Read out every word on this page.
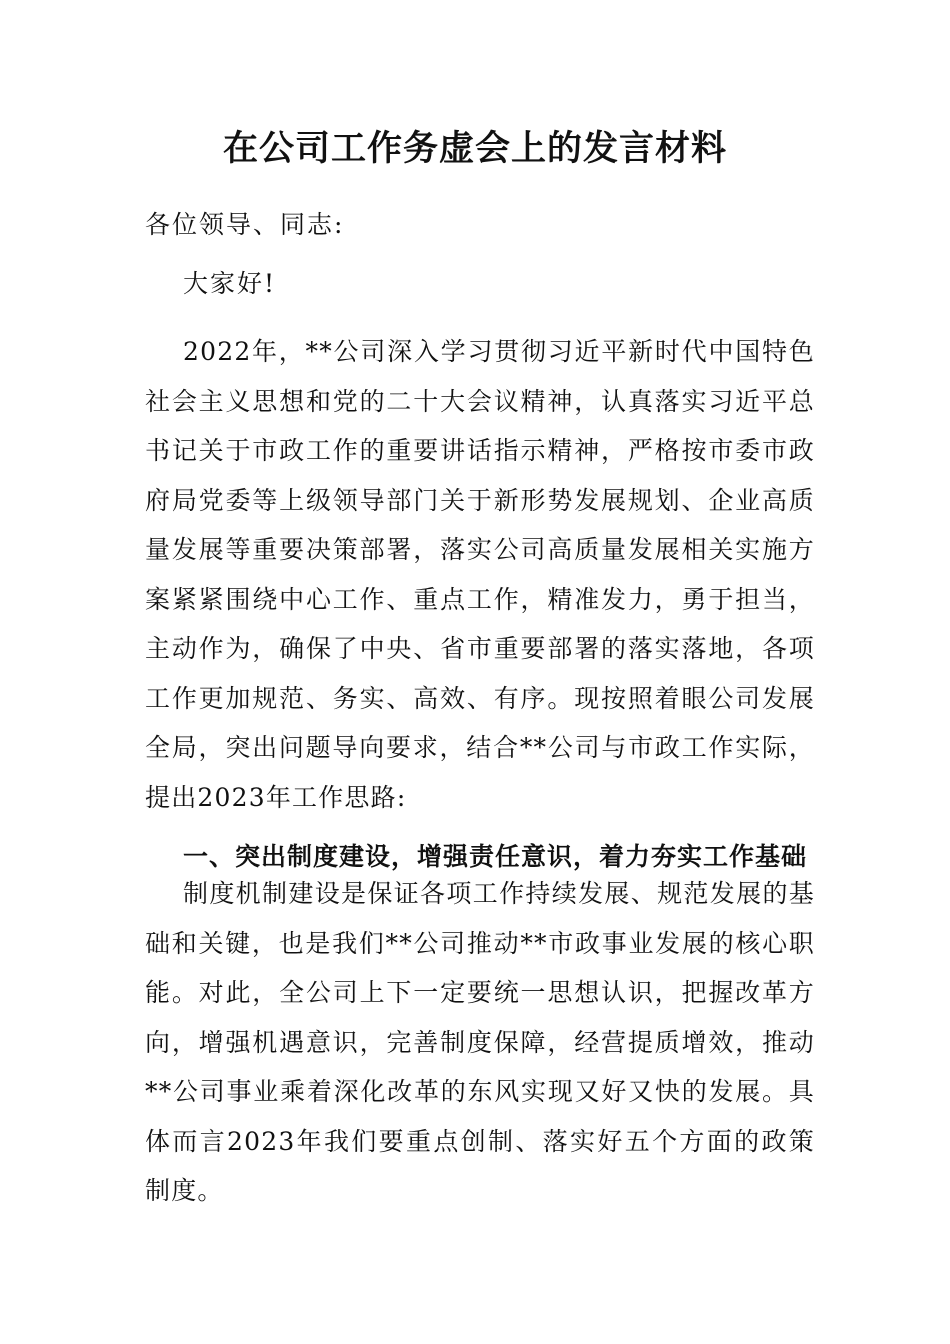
在公司工作务虚会上的发言材料
各位领导、同志:
大家好!

2022年，**公司深入学习贯彻习近平新时代中国特色社会主义思想和党的二十大会议精神，认真落实习近平总书记关于市政工作的重要讲话指示精神，严格按市委市政府局党委等上级领导部门关于新形势发展规划、企业高质量发展等重要决策部署，落实公司高质量发展相关实施方案紧紧围绕中心工作、重点工作，精准发力，勇于担当，主动作为，确保了中央、省市重要部署的落实落地，各项工作更加规范、务实、高效、有序。现按照着眼公司发展全局，突出问题导向要求，结合**公司与市政工作实际，提出2023年工作思路:

一、突出制度建设，增强责任意识，着力夯实工作基础

制度机制建设是保证各项工作持续发展、规范发展的基础和关键，也是我们**公司推动**市政事业发展的核心职能。对此，全公司上下一定要统一思想认识，把握改革方向，增强机遇意识，完善制度保障，经营提质增效，推动**公司事业乘着深化改革的东风实现又好又快的发展。具体而言2023年我们要重点创制、落实好五个方面的政策制度。
